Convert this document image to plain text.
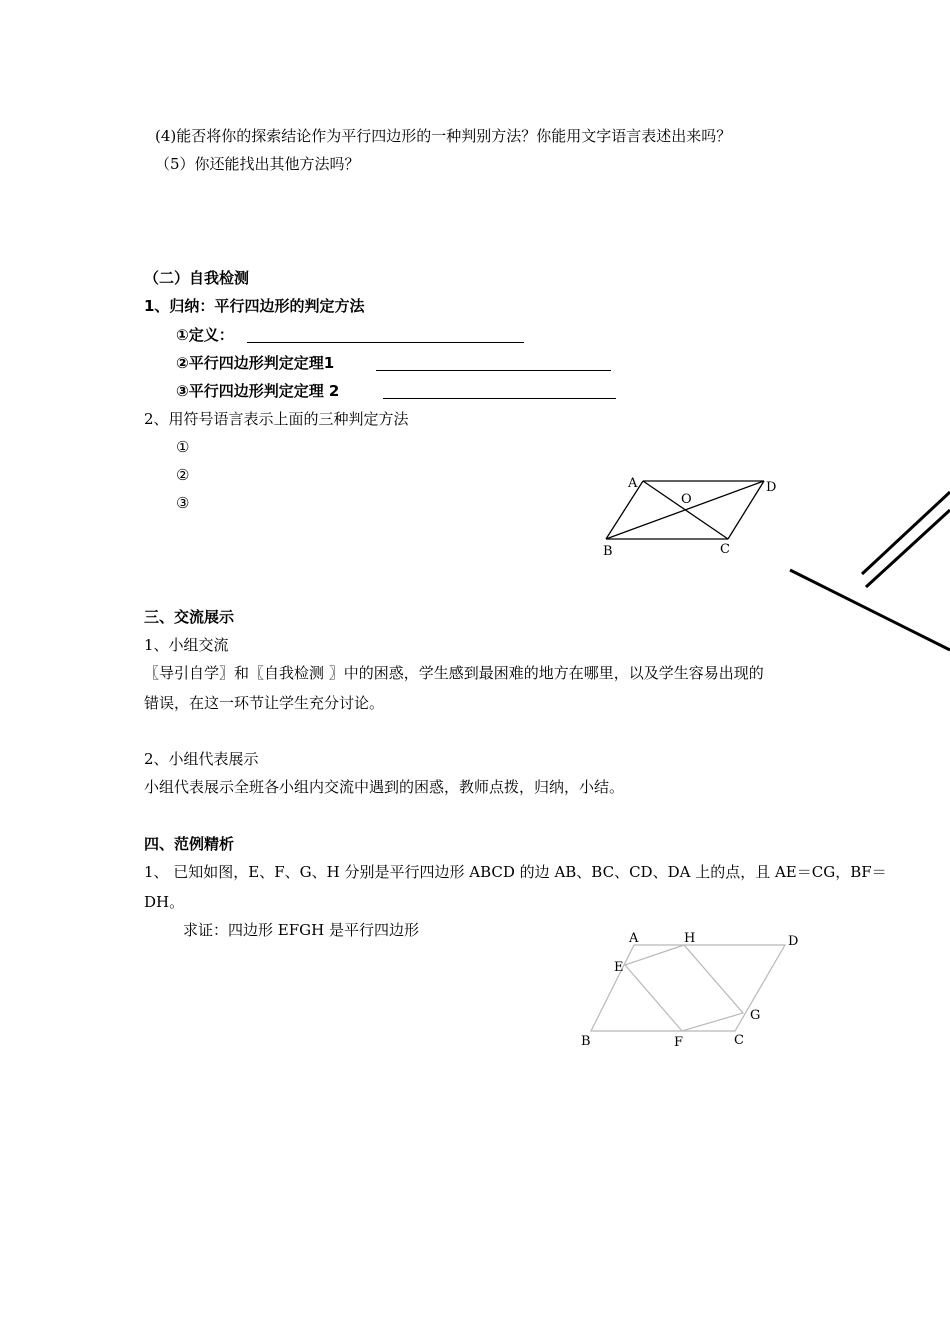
(4)能否将你的探索结论作为平行四边形的一种判别方法？你能用文字语言表述出来吗？
（5）你还能找出其他方法吗？
（二）自我检测
1、归纳：平行四边形的判定方法
①定义：
②平行四边形判定定理1
③平行四边形判定定理 2
2、用符号语言表示上面的三种判定方法
①
②
③
A
O
D
B	C
三、交流展示
1、小组交流
〖导引自学〗和〖自我检测 〗中的困惑，学生感到最困难的地方在哪里，以及学生容易出现的
错误，在这一环节让学生充分讨论。
2、小组代表展示
小组代表展示全班各小组内交流中遇到的困惑，教师点拨，归纳，小结。
四、范例精析
1、 已知如图，E、F、G、H 分别是平行四边形 ABCD 的边 AB、BC、CD、DA 上的点，且 AE＝CG，BF＝
DH。
求证：四边形 EFGH 是平行四边形	A	H	D
E
G
B	F	C
